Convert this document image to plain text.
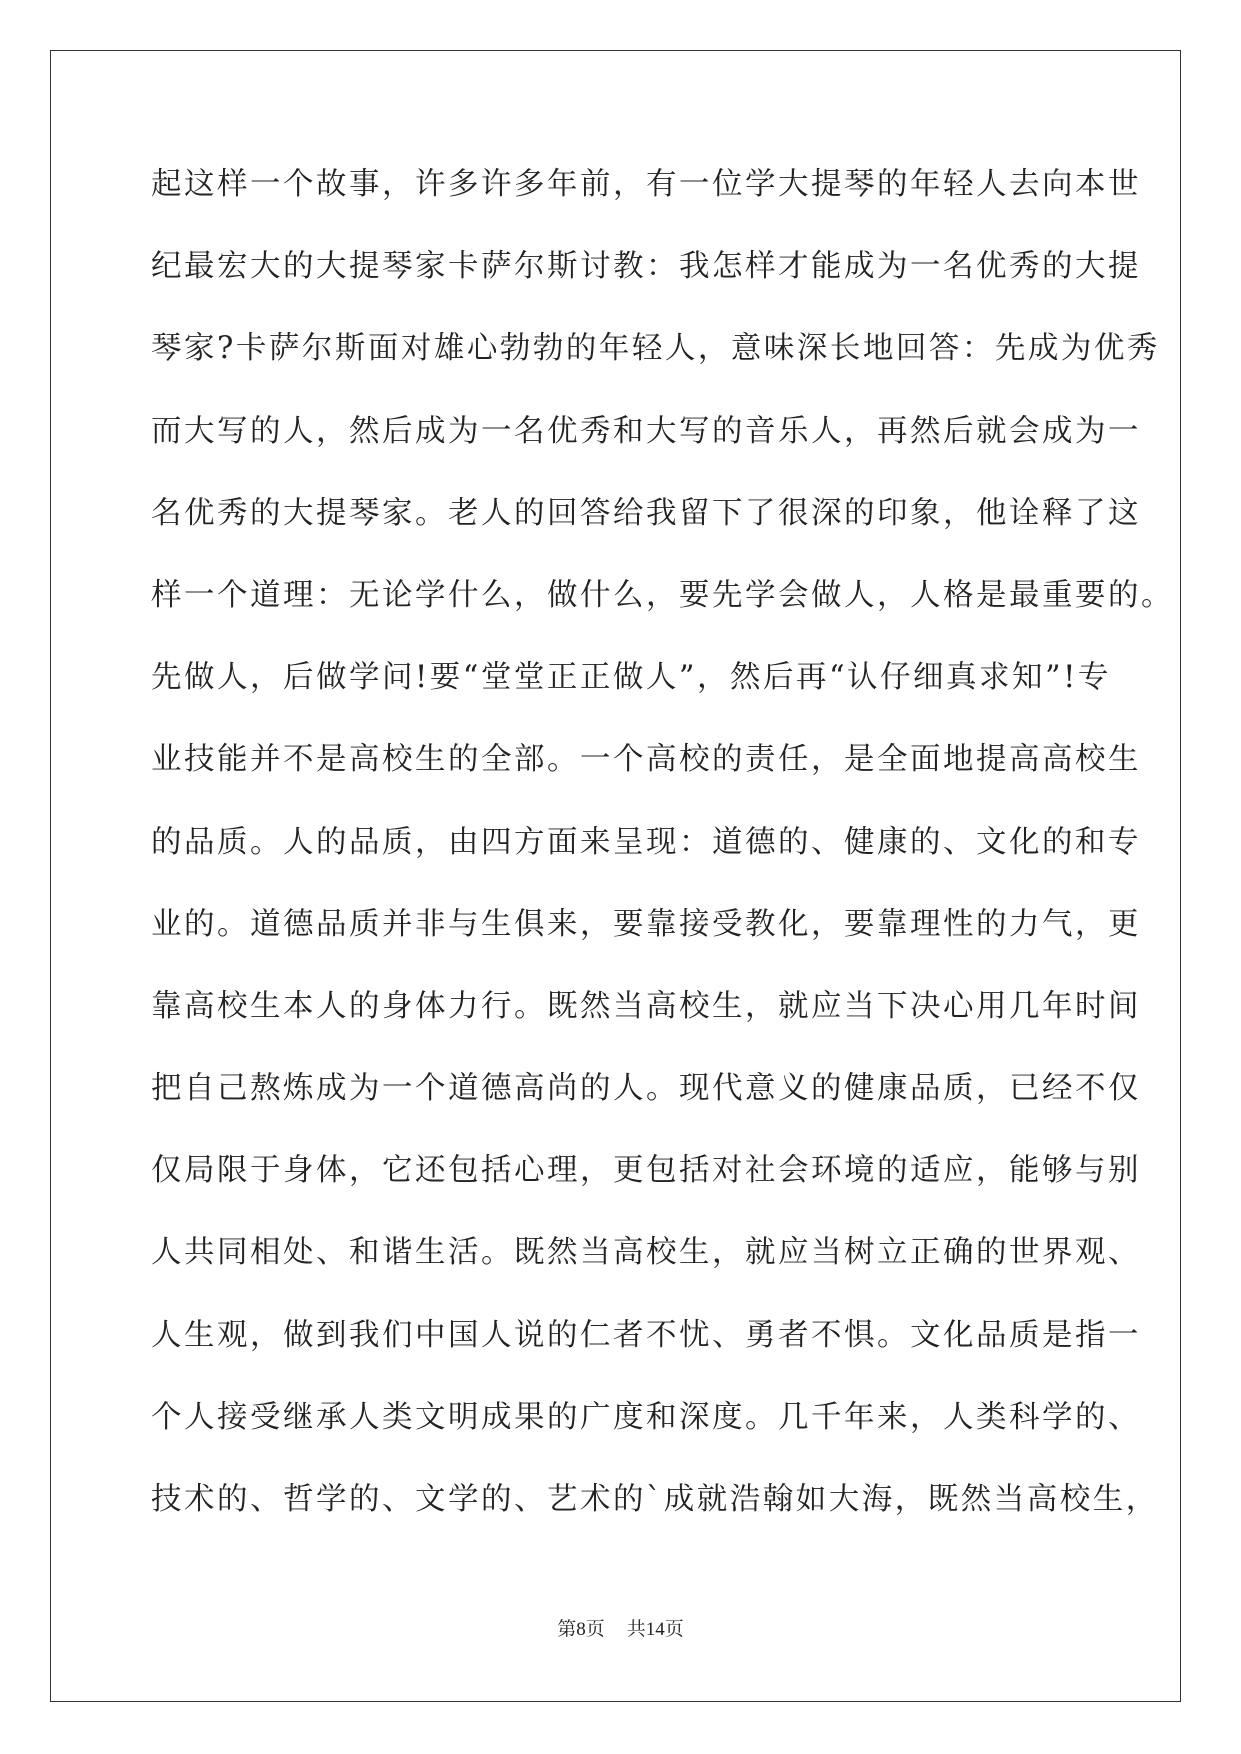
起这样一个故事，许多许多年前，有一位学大提琴的年轻人去向本世
纪最宏大的大提琴家卡萨尔斯讨教：我怎样才能成为一名优秀的大提
琴家?卡萨尔斯面对雄心勃勃的年轻人，意味深长地回答：先成为优秀
而大写的人，然后成为一名优秀和大写的音乐人，再然后就会成为一
名优秀的大提琴家。老人的回答给我留下了很深的印象，他诠释了这
样一个道理：无论学什么，做什么，要先学会做人，人格是最重要的。
先做人，后做学问!要“堂堂正正做人”，然后再“认仔细真求知”!专
业技能并不是高校生的全部。一个高校的责任，是全面地提高高校生
的品质。人的品质，由四方面来呈现：道德的、健康的、文化的和专
业的。道德品质并非与生俱来，要靠接受教化，要靠理性的力气，更
靠高校生本人的身体力行。既然当高校生，就应当下决心用几年时间
把自己熬炼成为一个道德高尚的人。现代意义的健康品质，已经不仅
仅局限于身体，它还包括心理，更包括对社会环境的适应，能够与别
人共同相处、和谐生活。既然当高校生，就应当树立正确的世界观、
人生观，做到我们中国人说的仁者不忧、勇者不惧。文化品质是指一
个人接受继承人类文明成果的广度和深度。几千年来，人类科学的、
技术的、哲学的、文学的、艺术的`成就浩翰如大海，既然当高校生，
第8页 共14页
